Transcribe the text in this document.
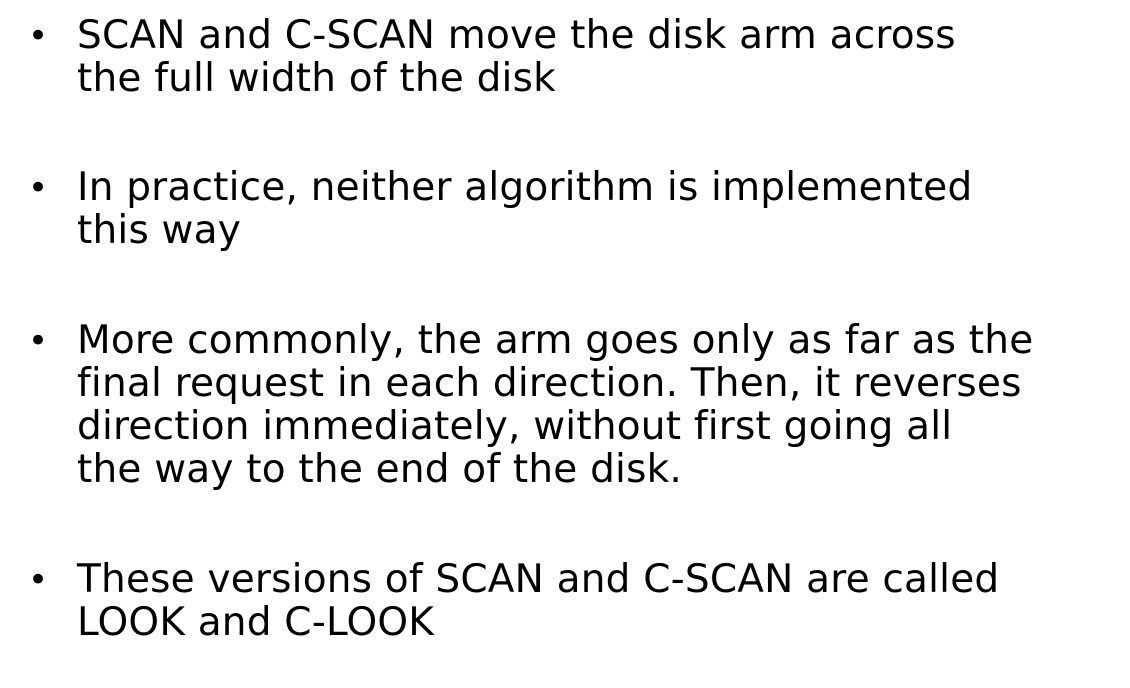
• SCAN and C-SCAN move the disk arm across
the full width of the disk
• In practice, neither algorithm is implemented
this way
• More commonly, the arm goes only as far as the
final request in each direction. Then, it reverses
direction immediately, without first going all
the way to the end of the disk.
• These versions of SCAN and C-SCAN are called
LOOK and C-LOOK
